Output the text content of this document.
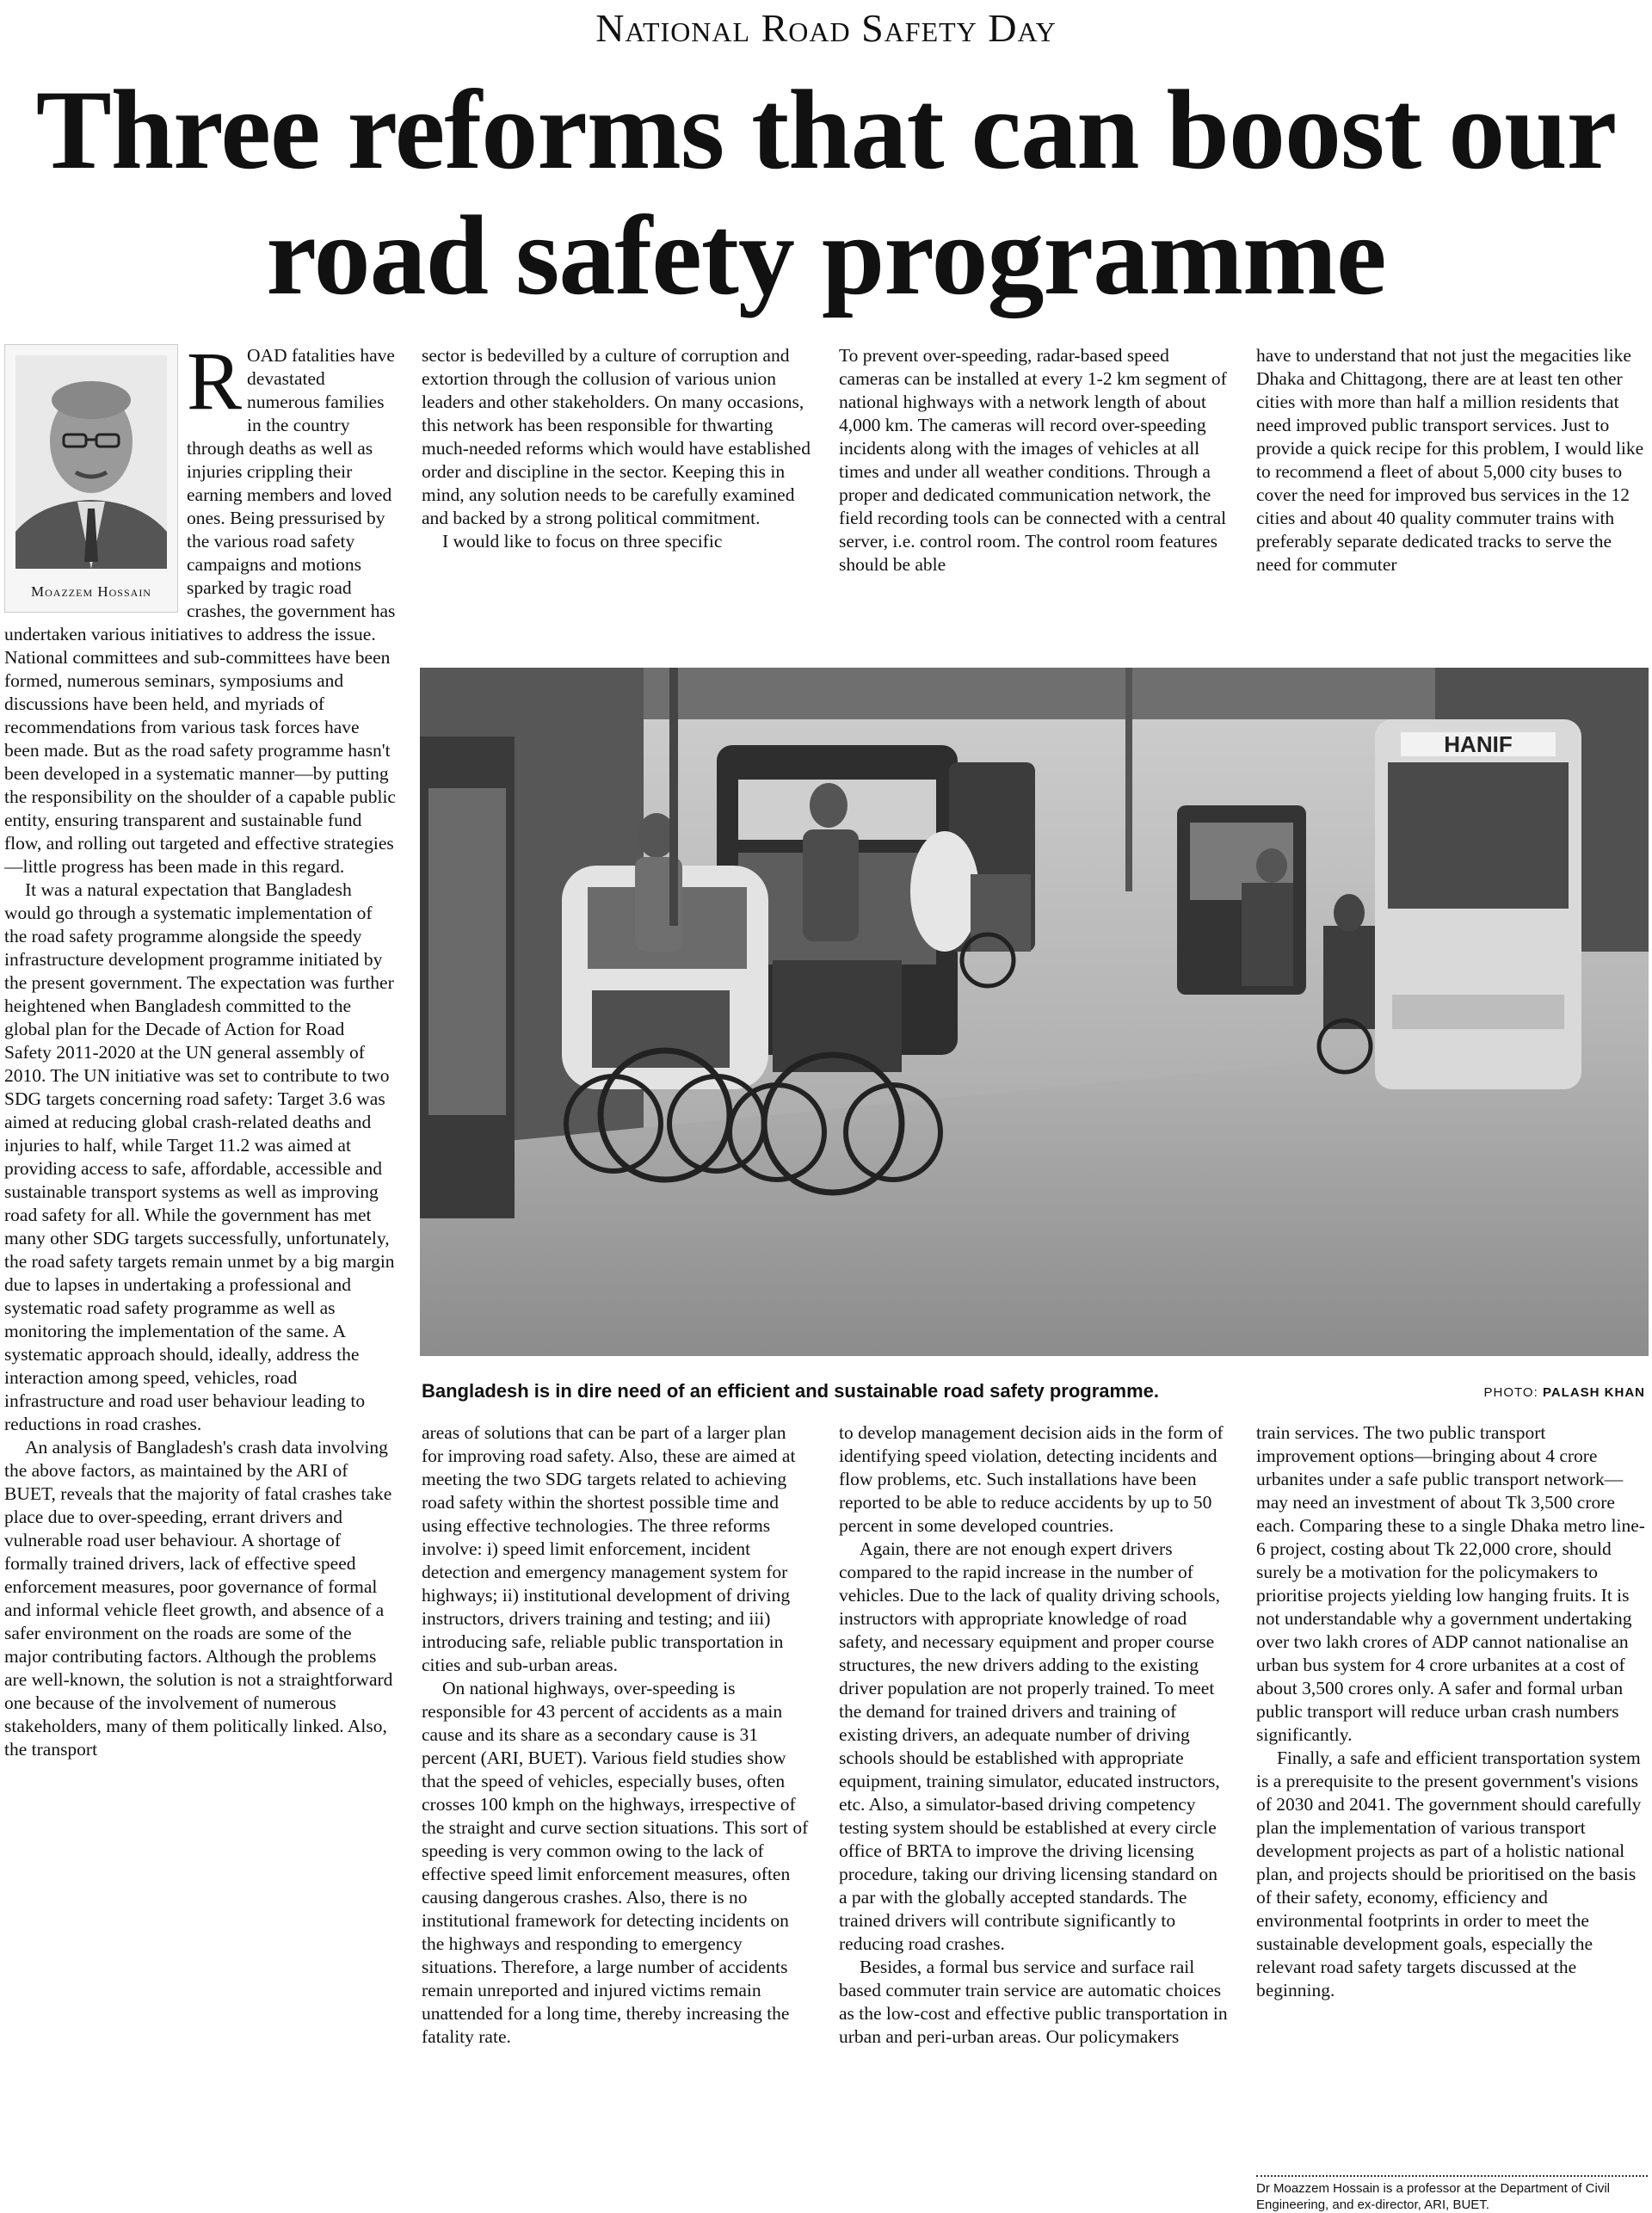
National Road Safety Day
Three reforms that can boost our road safety programme
Moazzem Hossain
R OAD fatalities have devastated numerous families in the country through deaths as well as injuries crippling their earning members and loved ones. Being pressurised by the various road safety campaigns and motions sparked by tragic road crashes, the government has undertaken various initiatives to address the issue. National committees and sub-committees have been formed, numerous seminars, symposiums and discussions have been held, and myriads of recommendations from various task forces have been made. But as the road safety programme hasn't been developed in a systematic manner—by putting the responsibility on the shoulder of a capable public entity, ensuring transparent and sustainable fund flow, and rolling out targeted and effective strategies—little progress has been made in this regard.

It was a natural expectation that Bangladesh would go through a systematic implementation of the road safety programme alongside the speedy infrastructure development programme initiated by the present government. The expectation was further heightened when Bangladesh committed to the global plan for the Decade of Action for Road Safety 2011-2020 at the UN general assembly of 2010. The UN initiative was set to contribute to two SDG targets concerning road safety: Target 3.6 was aimed at reducing global crash-related deaths and injuries to half, while Target 11.2 was aimed at providing access to safe, affordable, accessible and sustainable transport systems as well as improving road safety for all. While the government has met many other SDG targets successfully, unfortunately, the road safety targets remain unmet by a big margin due to lapses in undertaking a professional and systematic road safety programme as well as monitoring the implementation of the same. A systematic approach should, ideally, address the interaction among speed, vehicles, road infrastructure and road user behaviour leading to reductions in road crashes.

An analysis of Bangladesh's crash data involving the above factors, as maintained by the ARI of BUET, reveals that the majority of fatal crashes take place due to over-speeding, errant drivers and vulnerable road user behaviour. A shortage of formally trained drivers, lack of effective speed enforcement measures, poor governance of formal and informal vehicle fleet growth, and absence of a safer environment on the roads are some of the major contributing factors. Although the problems are well-known, the solution is not a straightforward one because of the involvement of numerous stakeholders, many of them politically linked. Also, the transport

sector is bedevilled by a culture of corruption and extortion through the collusion of various union leaders and other stakeholders. On many occasions, this network has been responsible for thwarting much-needed reforms which would have established order and discipline in the sector. Keeping this in mind, any solution needs to be carefully examined and backed by a strong political commitment.

I would like to focus on three specific

To prevent over-speeding, radar-based speed cameras can be installed at every 1-2 km segment of national highways with a network length of about 4,000 km. The cameras will record over-speeding incidents along with the images of vehicles at all times and under all weather conditions. Through a proper and dedicated communication network, the field recording tools can be connected with a central server, i.e. control room. The control room features should be able

have to understand that not just the megacities like Dhaka and Chittagong, there are at least ten other cities with more than half a million residents that need improved public transport services. Just to provide a quick recipe for this problem, I would like to recommend a fleet of about 5,000 city buses to cover the need for improved bus services in the 12 cities and about 40 quality commuter trains with preferably separate dedicated tracks to serve the need for commuter

HANIF
Bangladesh is in dire need of an efficient and sustainable road safety programme.	PHOTO: PALASH KHAN

areas of solutions that can be part of a larger plan for improving road safety. Also, these are aimed at meeting the two SDG targets related to achieving road safety within the shortest possible time and using effective technologies. The three reforms involve: i) speed limit enforcement, incident detection and emergency management system for highways; ii) institutional development of driving instructors, drivers training and testing; and iii) introducing safe, reliable public transportation in cities and sub-urban areas.

On national highways, over-speeding is responsible for 43 percent of accidents as a main cause and its share as a secondary cause is 31 percent (ARI, BUET). Various field studies show that the speed of vehicles, especially buses, often crosses 100 kmph on the highways, irrespective of the straight and curve section situations. This sort of speeding is very common owing to the lack of effective speed limit enforcement measures, often causing dangerous crashes. Also, there is no institutional framework for detecting incidents on the highways and responding to emergency situations. Therefore, a large number of accidents remain unreported and injured victims remain unattended for a long time, thereby increasing the fatality rate.

to develop management decision aids in the form of identifying speed violation, detecting incidents and flow problems, etc. Such installations have been reported to be able to reduce accidents by up to 50 percent in some developed countries.

Again, there are not enough expert drivers compared to the rapid increase in the number of vehicles. Due to the lack of quality driving schools, instructors with appropriate knowledge of road safety, and necessary equipment and proper course structures, the new drivers adding to the existing driver population are not properly trained. To meet the demand for trained drivers and training of existing drivers, an adequate number of driving schools should be established with appropriate equipment, training simulator, educated instructors, etc. Also, a simulator-based driving competency testing system should be established at every circle office of BRTA to improve the driving licensing procedure, taking our driving licensing standard on a par with the globally accepted standards. The trained drivers will contribute significantly to reducing road crashes.

Besides, a formal bus service and surface rail based commuter train service are automatic choices as the low-cost and effective public transportation in urban and peri-urban areas. Our policymakers

train services. The two public transport improvement options—bringing about 4 crore urbanites under a safe public transport network—may need an investment of about Tk 3,500 crore each. Comparing these to a single Dhaka metro line-6 project, costing about Tk 22,000 crore, should surely be a motivation for the policymakers to prioritise projects yielding low hanging fruits. It is not understandable why a government undertaking over two lakh crores of ADP cannot nationalise an urban bus system for 4 crore urbanites at a cost of about 3,500 crores only. A safer and formal urban public transport will reduce urban crash numbers significantly.

Finally, a safe and efficient transportation system is a prerequisite to the present government's visions of 2030 and 2041. The government should carefully plan the implementation of various transport development projects as part of a holistic national plan, and projects should be prioritised on the basis of their safety, economy, efficiency and environmental footprints in order to meet the sustainable development goals, especially the relevant road safety targets discussed at the beginning.

Dr Moazzem Hossain is a professor at the Department of Civil Engineering, and ex-director, ARI, BUET.
